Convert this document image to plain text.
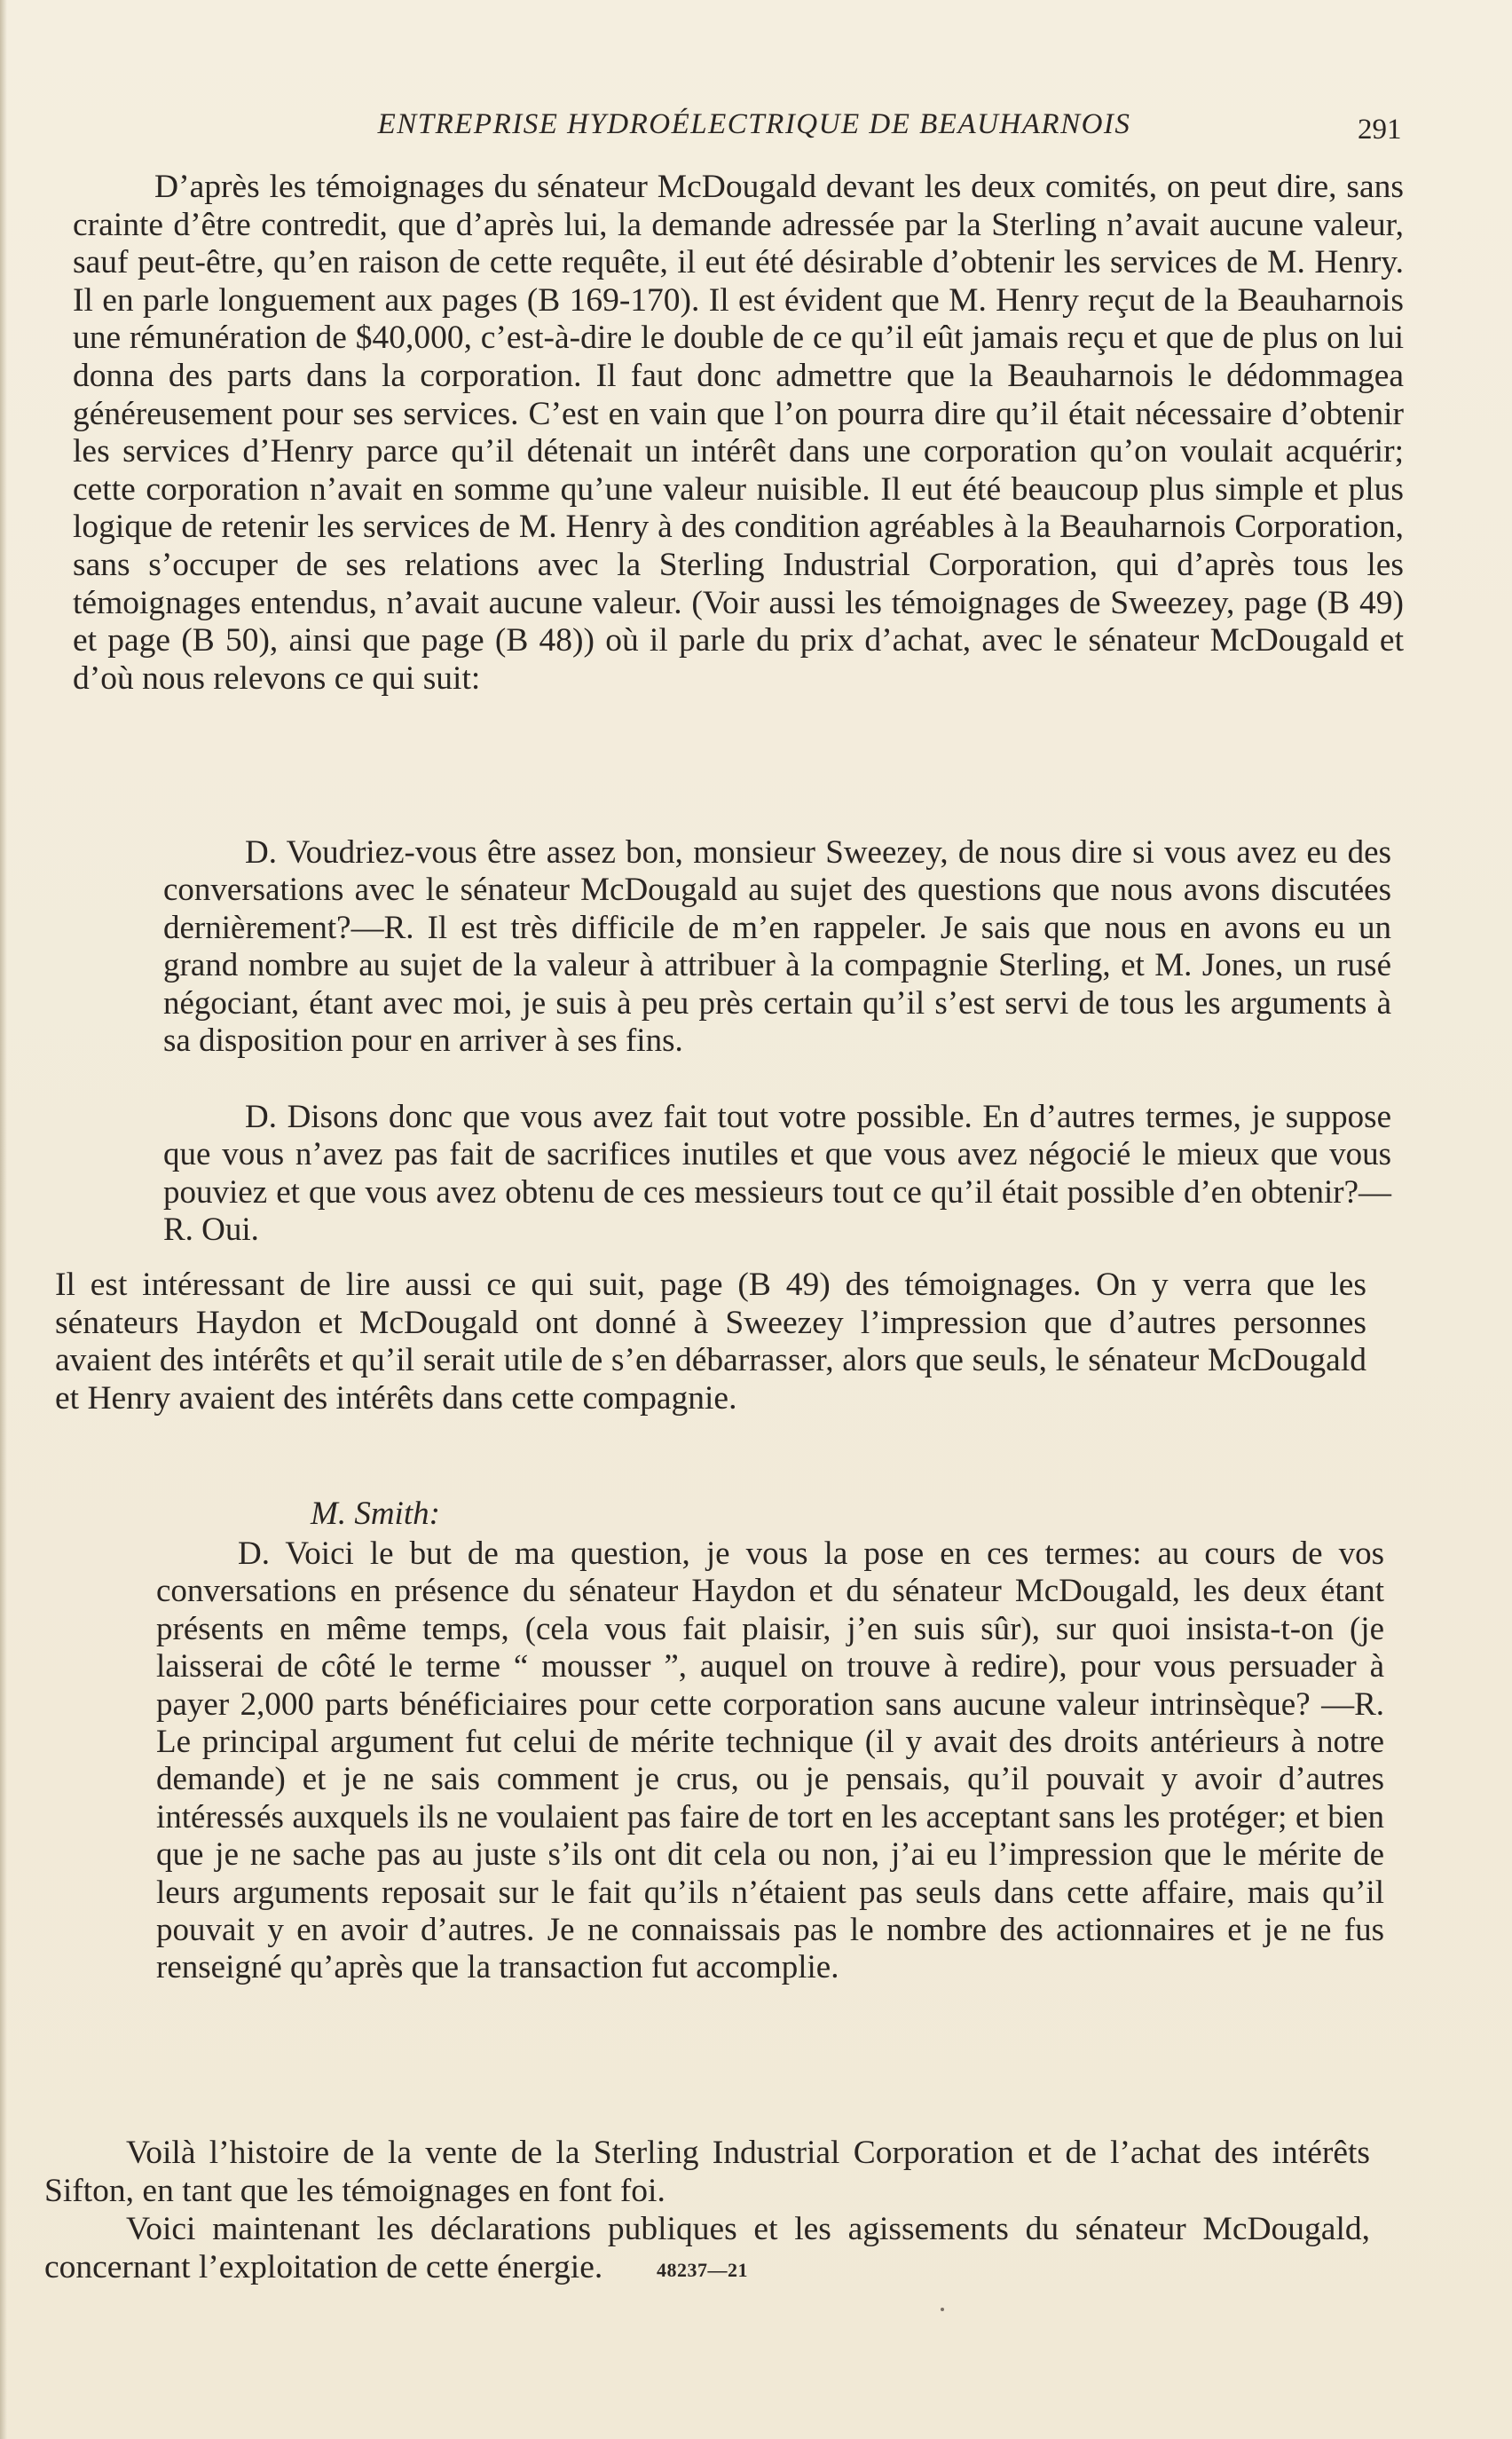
ENTREPRISE HYDROÉLECTRIQUE DE BEAUHARNOIS	291

D’après les témoignages du sénateur McDougald devant les deux comités, on peut dire, sans crainte d’être contredit, que d’après lui, la demande adressée par la Sterling n’avait aucune valeur, sauf peut-être, qu’en raison de cette requête, il eut été désirable d’obtenir les services de M. Henry. Il en parle longuement aux pages (B 169-170). Il est évident que M. Henry reçut de la Beauharnois une rémunération de $40,000, c’est-à-dire le double de ce qu’il eût jamais reçu et que de plus on lui donna des parts dans la corporation. Il faut donc admettre que la Beauharnois le dédommagea généreusement pour ses services. C’est en vain que l’on pourra dire qu’il était nécessaire d’obtenir les services d’Henry parce qu’il détenait un intérêt dans une corporation qu’on voulait acquérir; cette corporation n’avait en somme qu’une valeur nuisible. Il eut été beaucoup plus simple et plus logique de retenir les services de M. Henry à des condition agréables à la Beauharnois Corporation, sans s’occuper de ses relations avec la Sterling Industrial Corporation, qui d’après tous les témoignages entendus, n’avait aucune valeur. (Voir aussi les témoignages de Sweezey, page (B 49) et page (B 50), ainsi que page (B 48)) où il parle du prix d’achat, avec le sénateur McDougald et d’où nous relevons ce qui suit:

D. Voudriez-vous être assez bon, monsieur Sweezey, de nous dire si vous avez eu des conversations avec le sénateur McDougald au sujet des questions que nous avons discutées dernièrement?—R. Il est très difficile de m’en rappeler. Je sais que nous en avons eu un grand nombre au sujet de la valeur à attribuer à la compagnie Sterling, et M. Jones, un rusé négociant, étant avec moi, je suis à peu près certain qu’il s’est servi de tous les arguments à sa disposition pour en arriver à ses fins.

D. Disons donc que vous avez fait tout votre possible. En d’autres termes, je suppose que vous n’avez pas fait de sacrifices inutiles et que vous avez négocié le mieux que vous pouviez et que vous avez obtenu de ces messieurs tout ce qu’il était possible d’en obtenir?—R. Oui.

Il est intéressant de lire aussi ce qui suit, page (B 49) des témoignages. On y verra que les sénateurs Haydon et McDougald ont donné à Sweezey l’impression que d’autres personnes avaient des intérêts et qu’il serait utile de s’en débarrasser, alors que seuls, le sénateur McDougald et Henry avaient des intérêts dans cette compagnie.

M. Smith:

D. Voici le but de ma question, je vous la pose en ces termes: au cours de vos conversations en présence du sénateur Haydon et du sénateur McDougald, les deux étant présents en même temps, (cela vous fait plaisir, j’en suis sûr), sur quoi insista-t-on (je laisserai de côté le terme “ mousser ”, auquel on trouve à redire), pour vous persuader à payer 2,000 parts bénéficiaires pour cette corporation sans aucune valeur intrinsèque? —R. Le principal argument fut celui de mérite technique (il y avait des droits antérieurs à notre demande) et je ne sais comment je crus, ou je pensais, qu’il pouvait y avoir d’autres intéressés auxquels ils ne voulaient pas faire de tort en les acceptant sans les protéger; et bien que je ne sache pas au juste s’ils ont dit cela ou non, j’ai eu l’impression que le mérite de leurs arguments reposait sur le fait qu’ils n’étaient pas seuls dans cette affaire, mais qu’il pouvait y en avoir d’autres. Je ne connaissais pas le nombre des actionnaires et je ne fus renseigné qu’après que la transaction fut accomplie.

Voilà l’histoire de la vente de la Sterling Industrial Corporation et de l’achat des intérêts Sifton, en tant que les témoignages en font foi.

Voici maintenant les déclarations publiques et les agissements du sénateur McDougald, concernant l’exploitation de cette énergie.	48237—21
